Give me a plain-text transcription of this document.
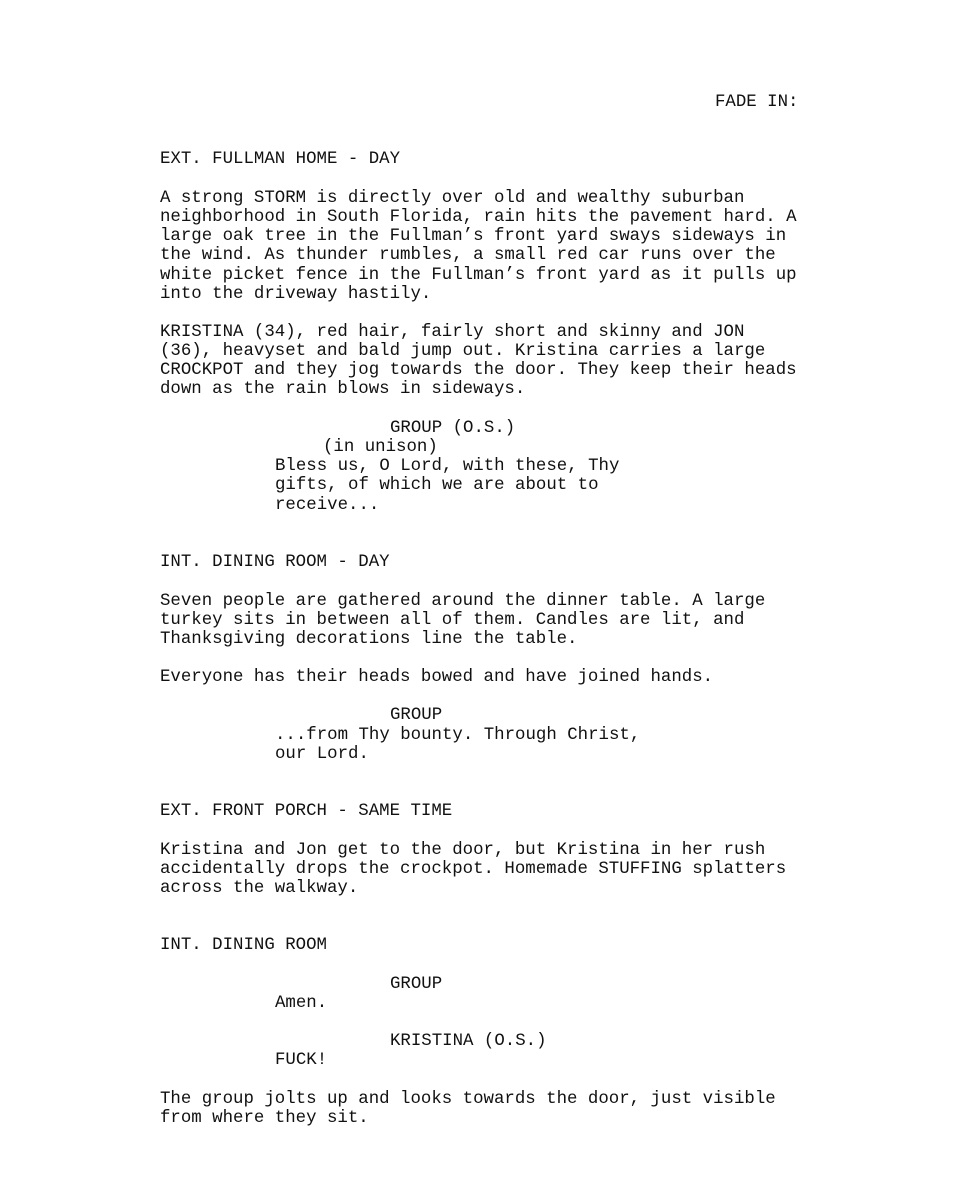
FADE IN:
EXT. FULLMAN HOME - DAY
A strong STORM is directly over old and wealthy suburban
neighborhood in South Florida, rain hits the pavement hard. A
large oak tree in the Fullman’s front yard sways sideways in
the wind. As thunder rumbles, a small red car runs over the
white picket fence in the Fullman’s front yard as it pulls up
into the driveway hastily.
KRISTINA (34), red hair, fairly short and skinny and JON
(36), heavyset and bald jump out. Kristina carries a large
CROCKPOT and they jog towards the door. They keep their heads
down as the rain blows in sideways.
GROUP (O.S.)
(in unison)
Bless us, O Lord, with these, Thy
gifts, of which we are about to
receive...
INT. DINING ROOM - DAY
Seven people are gathered around the dinner table. A large
turkey sits in between all of them. Candles are lit, and
Thanksgiving decorations line the table.
Everyone has their heads bowed and have joined hands.
GROUP
...from Thy bounty. Through Christ,
our Lord.
EXT. FRONT PORCH - SAME TIME
Kristina and Jon get to the door, but Kristina in her rush
accidentally drops the crockpot. Homemade STUFFING splatters
across the walkway.
INT. DINING ROOM
GROUP
Amen.
KRISTINA (O.S.)
FUCK!
The group jolts up and looks towards the door, just visible
from where they sit.
